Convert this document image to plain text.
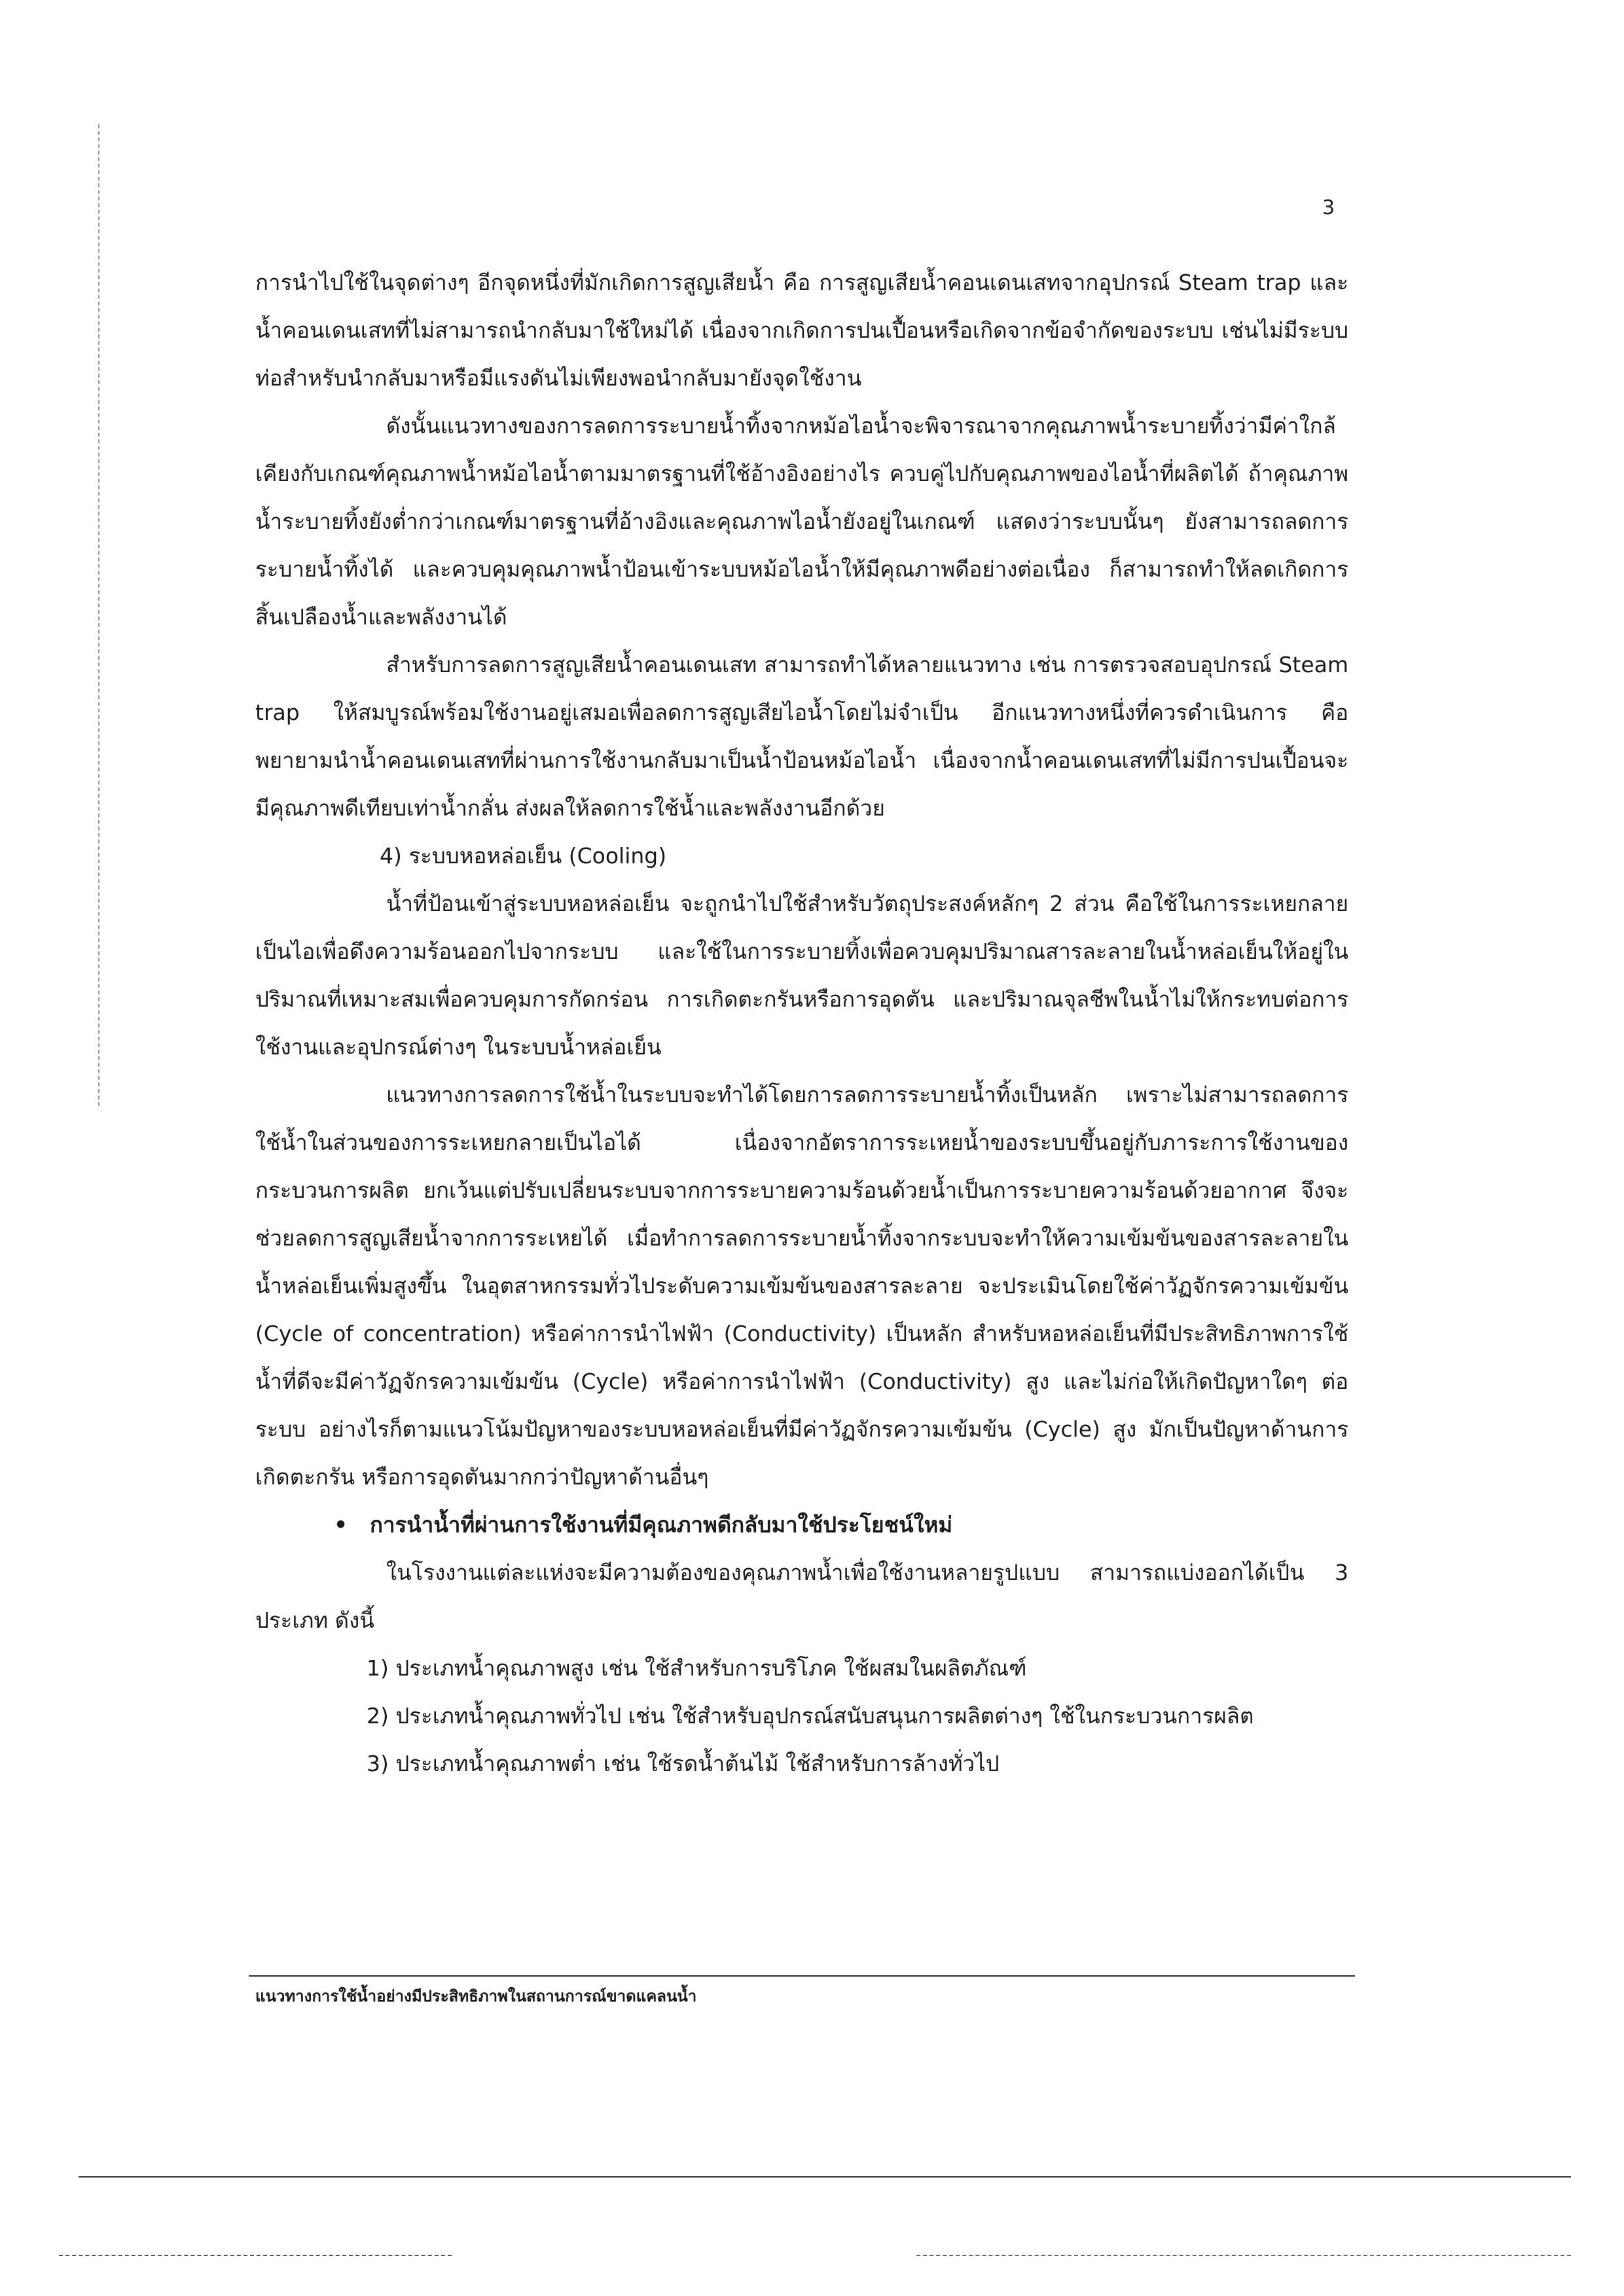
3

การนำไปใช้ในจุดต่างๆ อีกจุดหนึ่งที่มักเกิดการสูญเสียน้ำ คือ การสูญเสียน้ำคอนเดนเสทจากอุปกรณ์ Steam trap และน้ำคอนเดนเสทที่ไม่สามารถนำกลับมาใช้ใหม่ได้ เนื่องจากเกิดการปนเปื้อนหรือเกิดจากข้อจำกัดของระบบ เช่นไม่มีระบบท่อสำหรับนำกลับมาหรือมีแรงดันไม่เพียงพอนำกลับมายังจุดใช้งาน

ดังนั้นแนวทางของการลดการระบายน้ำทิ้งจากหม้อไอน้ำจะพิจารณาจากคุณภาพน้ำระบายทิ้งว่ามีค่าใกล้เคียงกับเกณฑ์คุณภาพน้ำหม้อไอน้ำตามมาตรฐานที่ใช้อ้างอิงอย่างไร ควบคู่ไปกับคุณภาพของไอน้ำที่ผลิตได้ ถ้าคุณภาพน้ำระบายทิ้งยังต่ำกว่าเกณฑ์มาตรฐานที่อ้างอิงและคุณภาพไอน้ำยังอยู่ในเกณฑ์ แสดงว่าระบบนั้นๆ ยังสามารถลดการระบายน้ำทิ้งได้ และควบคุมคุณภาพน้ำป้อนเข้าระบบหม้อไอน้ำให้มีคุณภาพดีอย่างต่อเนื่อง ก็สามารถทำให้ลดเกิดการสิ้นเปลืองน้ำและพลังงานได้

สำหรับการลดการสูญเสียน้ำคอนเดนเสท สามารถทำได้หลายแนวทาง เช่น การตรวจสอบอุปกรณ์ Steam trap ให้สมบูรณ์พร้อมใช้งานอยู่เสมอเพื่อลดการสูญเสียไอน้ำโดยไม่จำเป็น อีกแนวทางหนึ่งที่ควรดำเนินการ คือ พยายามนำน้ำคอนเดนเสทที่ผ่านการใช้งานกลับมาเป็นน้ำป้อนหม้อไอน้ำ เนื่องจากน้ำคอนเดนเสทที่ไม่มีการปนเปื้อนจะมีคุณภาพดีเทียบเท่าน้ำกลั่น ส่งผลให้ลดการใช้น้ำและพลังงานอีกด้วย

4) ระบบหอหล่อเย็น (Cooling)

น้ำที่ป้อนเข้าสู่ระบบหอหล่อเย็น จะถูกนำไปใช้สำหรับวัตถุประสงค์หลักๆ 2 ส่วน คือใช้ในการระเหยกลายเป็นไอเพื่อดึงความร้อนออกไปจากระบบ และใช้ในการระบายทิ้งเพื่อควบคุมปริมาณสารละลายในน้ำหล่อเย็นให้อยู่ในปริมาณที่เหมาะสมเพื่อควบคุมการกัดกร่อน การเกิดตะกรันหรือการอุดตัน และปริมาณจุลชีพในน้ำไม่ให้กระทบต่อการใช้งานและอุปกรณ์ต่างๆ ในระบบน้ำหล่อเย็น

แนวทางการลดการใช้น้ำในระบบจะทำได้โดยการลดการระบายน้ำทิ้งเป็นหลัก เพราะไม่สามารถลดการใช้น้ำในส่วนของการระเหยกลายเป็นไอได้ เนื่องจากอัตราการระเหยน้ำของระบบขึ้นอยู่กับภาระการใช้งานของกระบวนการผลิต ยกเว้นแต่ปรับเปลี่ยนระบบจากการระบายความร้อนด้วยน้ำเป็นการระบายความร้อนด้วยอากาศ จึงจะช่วยลดการสูญเสียน้ำจากการระเหยได้ เมื่อทำการลดการระบายน้ำทิ้งจากระบบจะทำให้ความเข้มข้นของสารละลายในน้ำหล่อเย็นเพิ่มสูงขึ้น ในอุตสาหกรรมทั่วไประดับความเข้มข้นของสารละลาย จะประเมินโดยใช้ค่าวัฏจักรความเข้มข้น (Cycle of concentration) หรือค่าการนำไฟฟ้า (Conductivity) เป็นหลัก สำหรับหอหล่อเย็นที่มีประสิทธิภาพการใช้น้ำที่ดีจะมีค่าวัฏจักรความเข้มข้น (Cycle) หรือค่าการนำไฟฟ้า (Conductivity) สูง และไม่ก่อให้เกิดปัญหาใดๆ ต่อระบบ อย่างไรก็ตามแนวโน้มปัญหาของระบบหอหล่อเย็นที่มีค่าวัฏจักรความเข้มข้น (Cycle) สูง มักเป็นปัญหาด้านการเกิดตะกรัน หรือการอุดตันมากกว่าปัญหาด้านอื่นๆ

• การนำน้ำที่ผ่านการใช้งานที่มีคุณภาพดีกลับมาใช้ประโยชน์ใหม่

ในโรงงานแต่ละแห่งจะมีความต้องของคุณภาพน้ำเพื่อใช้งานหลายรูปแบบ สามารถแบ่งออกได้เป็น 3 ประเภท ดังนี้

1) ประเภทน้ำคุณภาพสูง เช่น ใช้สำหรับการบริโภค ใช้ผสมในผลิตภัณฑ์

2) ประเภทน้ำคุณภาพทั่วไป เช่น ใช้สำหรับอุปกรณ์สนับสนุนการผลิตต่างๆ ใช้ในกระบวนการผลิต

3) ประเภทน้ำคุณภาพต่ำ เช่น ใช้รดน้ำต้นไม้ ใช้สำหรับการล้างทั่วไป

แนวทางการใช้น้ำอย่างมีประสิทธิภาพในสถานการณ์ขาดแคลนน้ำ
